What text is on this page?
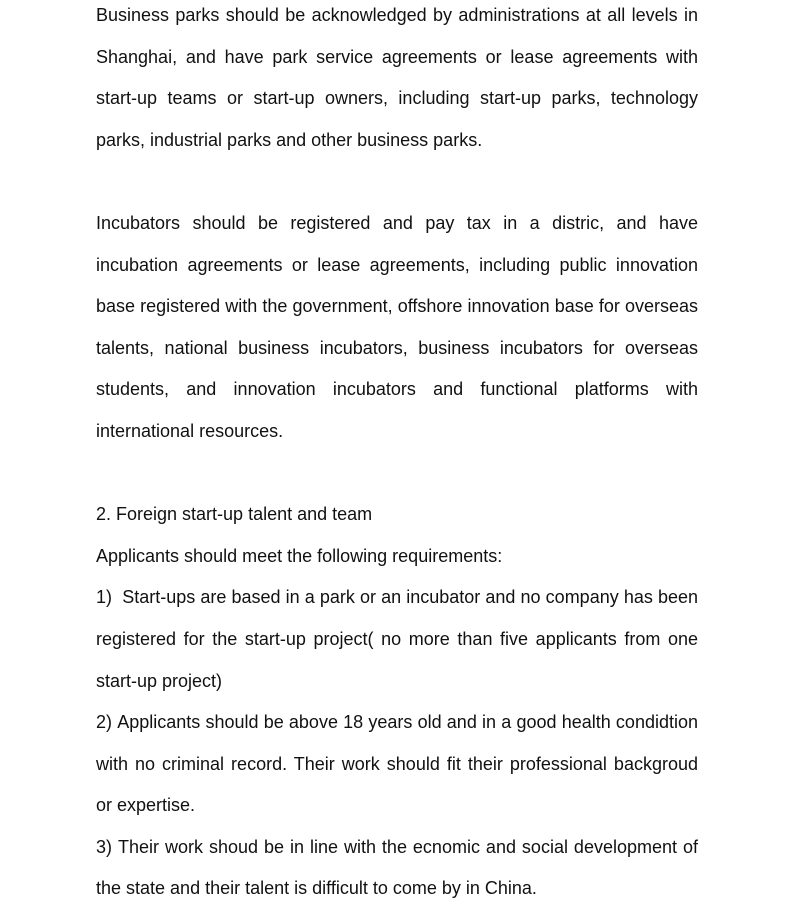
Business parks should be acknowledged by administrations at all levels in Shanghai, and have park service agreements or lease agreements with start-up teams or start-up owners, including start-up parks, technology parks, industrial parks and other business parks.

Incubators should be registered and pay tax in a distric, and have incubation agreements or lease agreements, including public innovation base registered with the government, offshore innovation base for overseas talents, national business incubators, business incubators for overseas students, and innovation incubators and functional platforms with international resources.

2. Foreign start-up talent and team

Applicants should meet the following requirements:

1)  Start-ups are based in a park or an incubator and no company has been registered for the start-up project( no more than five applicants from one start-up project)

2) Applicants should be above 18 years old and in a good health condidtion with no criminal record. Their work should fit their professional backgroud or expertise.

3) Their work shoud be in line with the ecnomic and social development of the state and their talent is difficult to come by in China.
